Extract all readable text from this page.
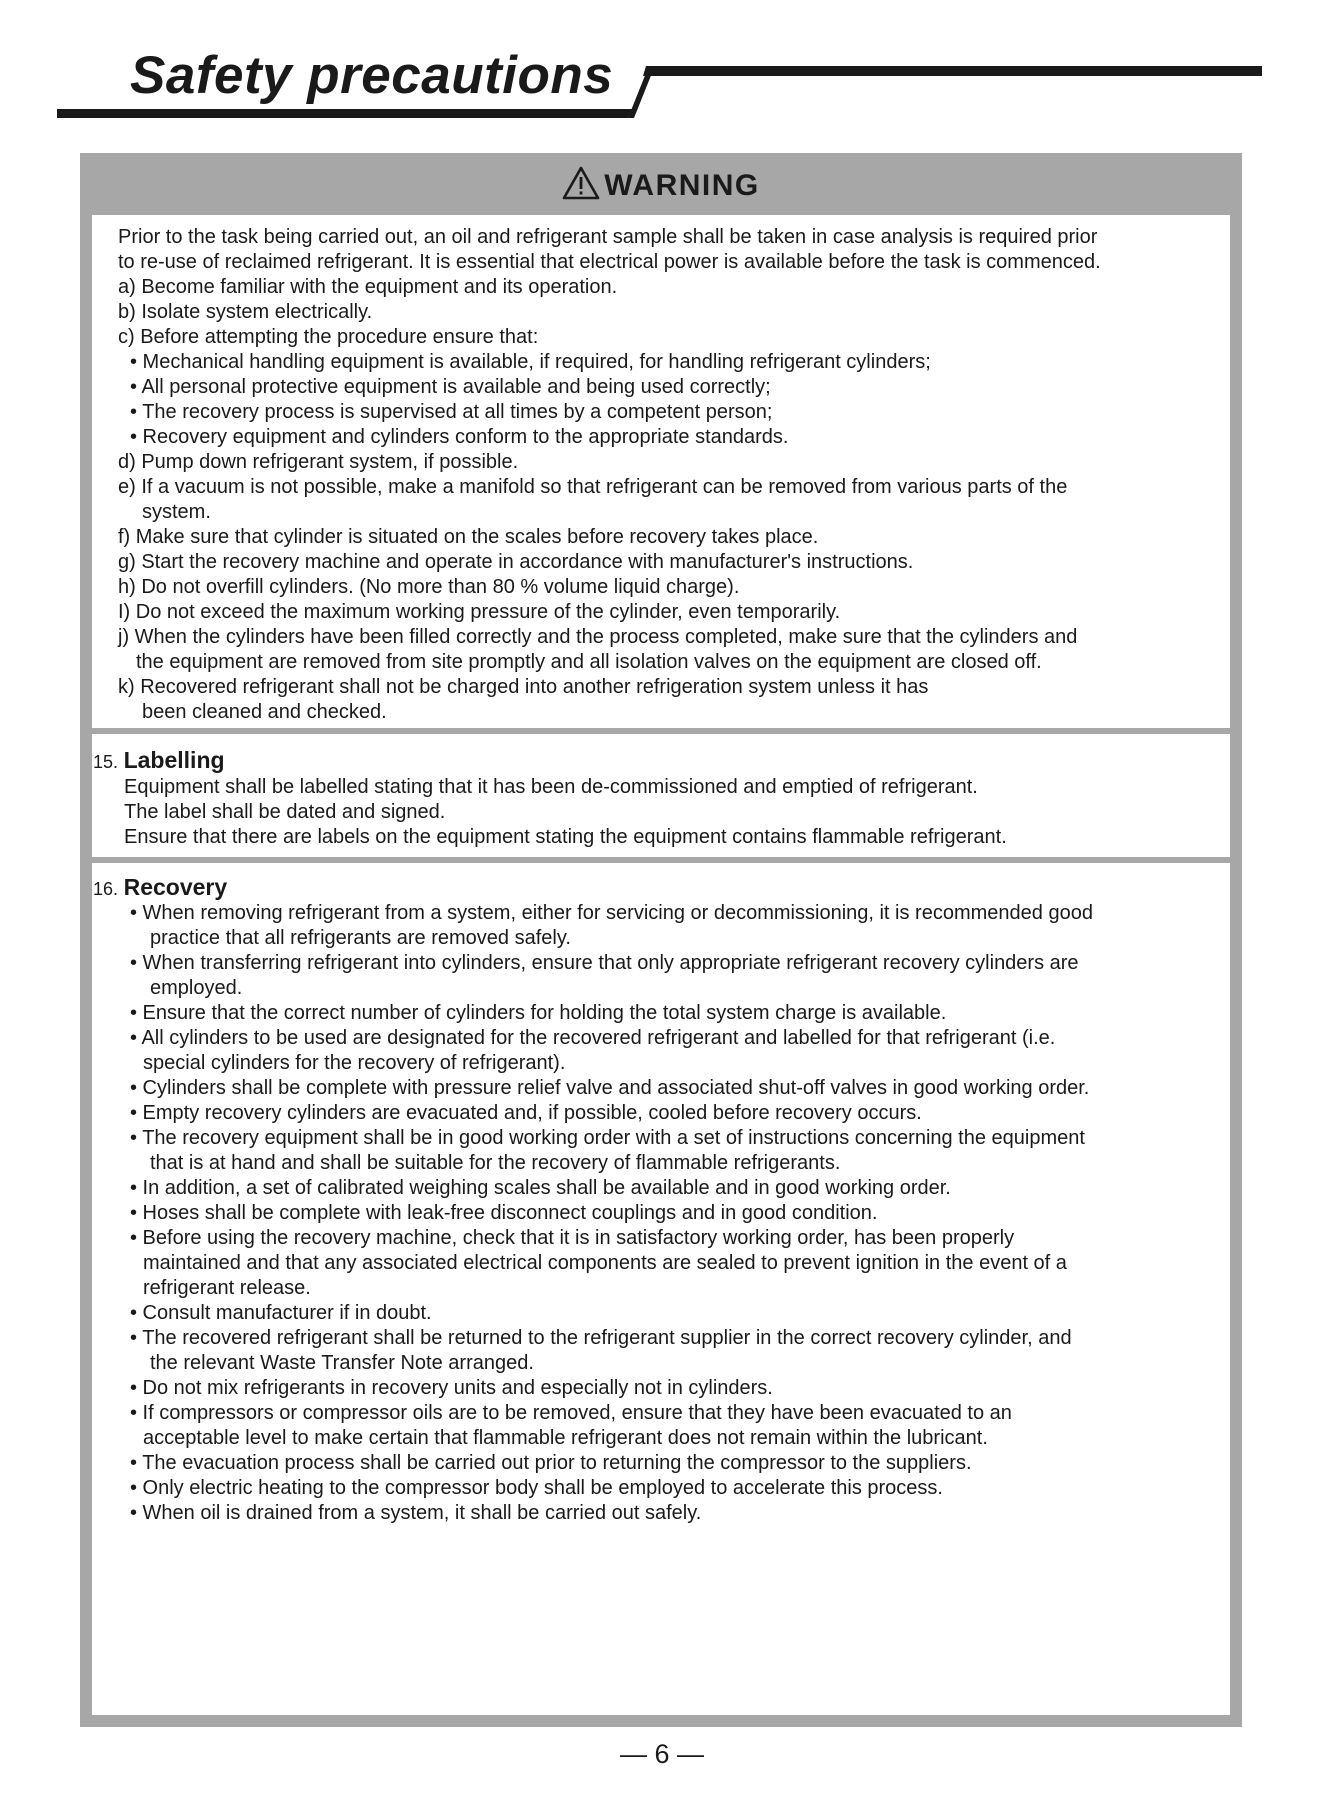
Safety precautions
WARNING
Prior to the task being carried out, an oil and refrigerant sample shall be taken in case analysis is required prior
to re-use of reclaimed refrigerant. It is essential that electrical power is available before the task is commenced.
a) Become familiar with the equipment and its operation.
b) Isolate system electrically.
c) Before attempting the procedure ensure that:
• Mechanical handling equipment is available, if required, for handling refrigerant cylinders;
• All personal protective equipment is available and being used correctly;
• The recovery process is supervised at all times by a competent person;
• Recovery equipment and cylinders conform to the appropriate standards.
d) Pump down refrigerant system, if possible.
e) If a vacuum is not possible, make a manifold so that refrigerant can be removed from various parts of the
system.
f) Make sure that cylinder is situated on the scales before recovery takes place.
g) Start the recovery machine and operate in accordance with manufacturer's instructions.
h) Do not overfill cylinders. (No more than 80 % volume liquid charge).
I) Do not exceed the maximum working pressure of the cylinder, even temporarily.
j) When the cylinders have been filled correctly and the process completed, make sure that the cylinders and
the equipment are removed from site promptly and all isolation valves on the equipment are closed off.
k) Recovered refrigerant shall not be charged into another refrigeration system unless it has
been cleaned and checked.
15. Labelling
Equipment shall be labelled stating that it has been de-commissioned and emptied of refrigerant.
The label shall be dated and signed.
Ensure that there are labels on the equipment stating the equipment contains flammable refrigerant.
16. Recovery
• When removing refrigerant from a system, either for servicing or decommissioning, it is recommended good
practice that all refrigerants are removed safely.
• When transferring refrigerant into cylinders, ensure that only appropriate refrigerant recovery cylinders are
employed.
• Ensure that the correct number of cylinders for holding the total system charge is available.
• All cylinders to be used are designated for the recovered refrigerant and labelled for that refrigerant (i.e.
special cylinders for the recovery of refrigerant).
• Cylinders shall be complete with pressure relief valve and associated shut-off valves in good working order.
• Empty recovery cylinders are evacuated and, if possible, cooled before recovery occurs.
• The recovery equipment shall be in good working order with a set of instructions concerning the equipment
that is at hand and shall be suitable for the recovery of flammable refrigerants.
• In addition, a set of calibrated weighing scales shall be available and in good working order.
• Hoses shall be complete with leak-free disconnect couplings and in good condition.
• Before using the recovery machine, check that it is in satisfactory working order, has been properly
maintained and that any associated electrical components are sealed to prevent ignition in the event of a
refrigerant release.
• Consult manufacturer if in doubt.
• The recovered refrigerant shall be returned to the refrigerant supplier in the correct recovery cylinder, and
the relevant Waste Transfer Note arranged.
• Do not mix refrigerants in recovery units and especially not in cylinders.
• If compressors or compressor oils are to be removed, ensure that they have been evacuated to an
acceptable level to make certain that flammable refrigerant does not remain within the lubricant.
• The evacuation process shall be carried out prior to returning the compressor to the suppliers.
• Only electric heating to the compressor body shall be employed to accelerate this process.
• When oil is drained from a system, it shall be carried out safely.
— 6 —
